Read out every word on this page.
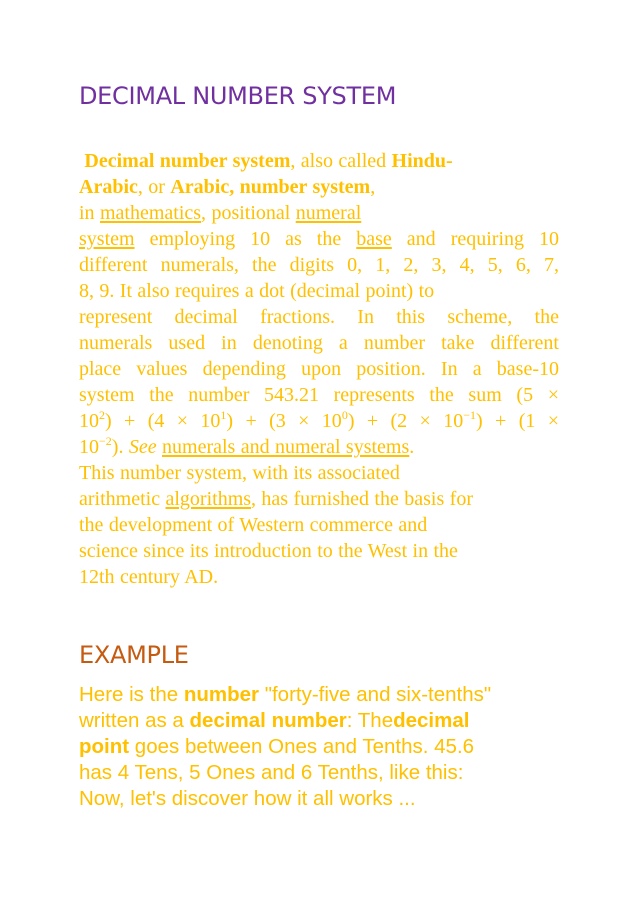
DECIMAL NUMBER SYSTEM
Decimal number system, also called Hindu-
Arabic, or Arabic, number system,
in mathematics, positional numeral
system employing 10 as the base and requiring 10
different numerals, the digits 0, 1, 2, 3, 4, 5, 6, 7,
8, 9. It also requires a dot (decimal point) to
represent decimal fractions. In this scheme, the
numerals used in denoting a number take different
place values depending upon position. In a base-10
system the number 543.21 represents the sum (5 ×
$10^2) + (4 \times 10^1) + (3 \times 10^0) + (2 \times 10^{-1}) + (1$ ×
$10^{-2}$). See numerals and numeral systems.
This number system, with its associated
arithmetic algorithms, has furnished the basis for
the development of Western commerce and
science since its introduction to the West in the
12th century AD.
EXAMPLE
Here is the number "forty-five and six-tenths"
written as a decimal number: Thedecimal
point goes between Ones and Tenths. 45.6
has 4 Tens, 5 Ones and 6 Tenths, like this:
Now, let's discover how it all works ...
